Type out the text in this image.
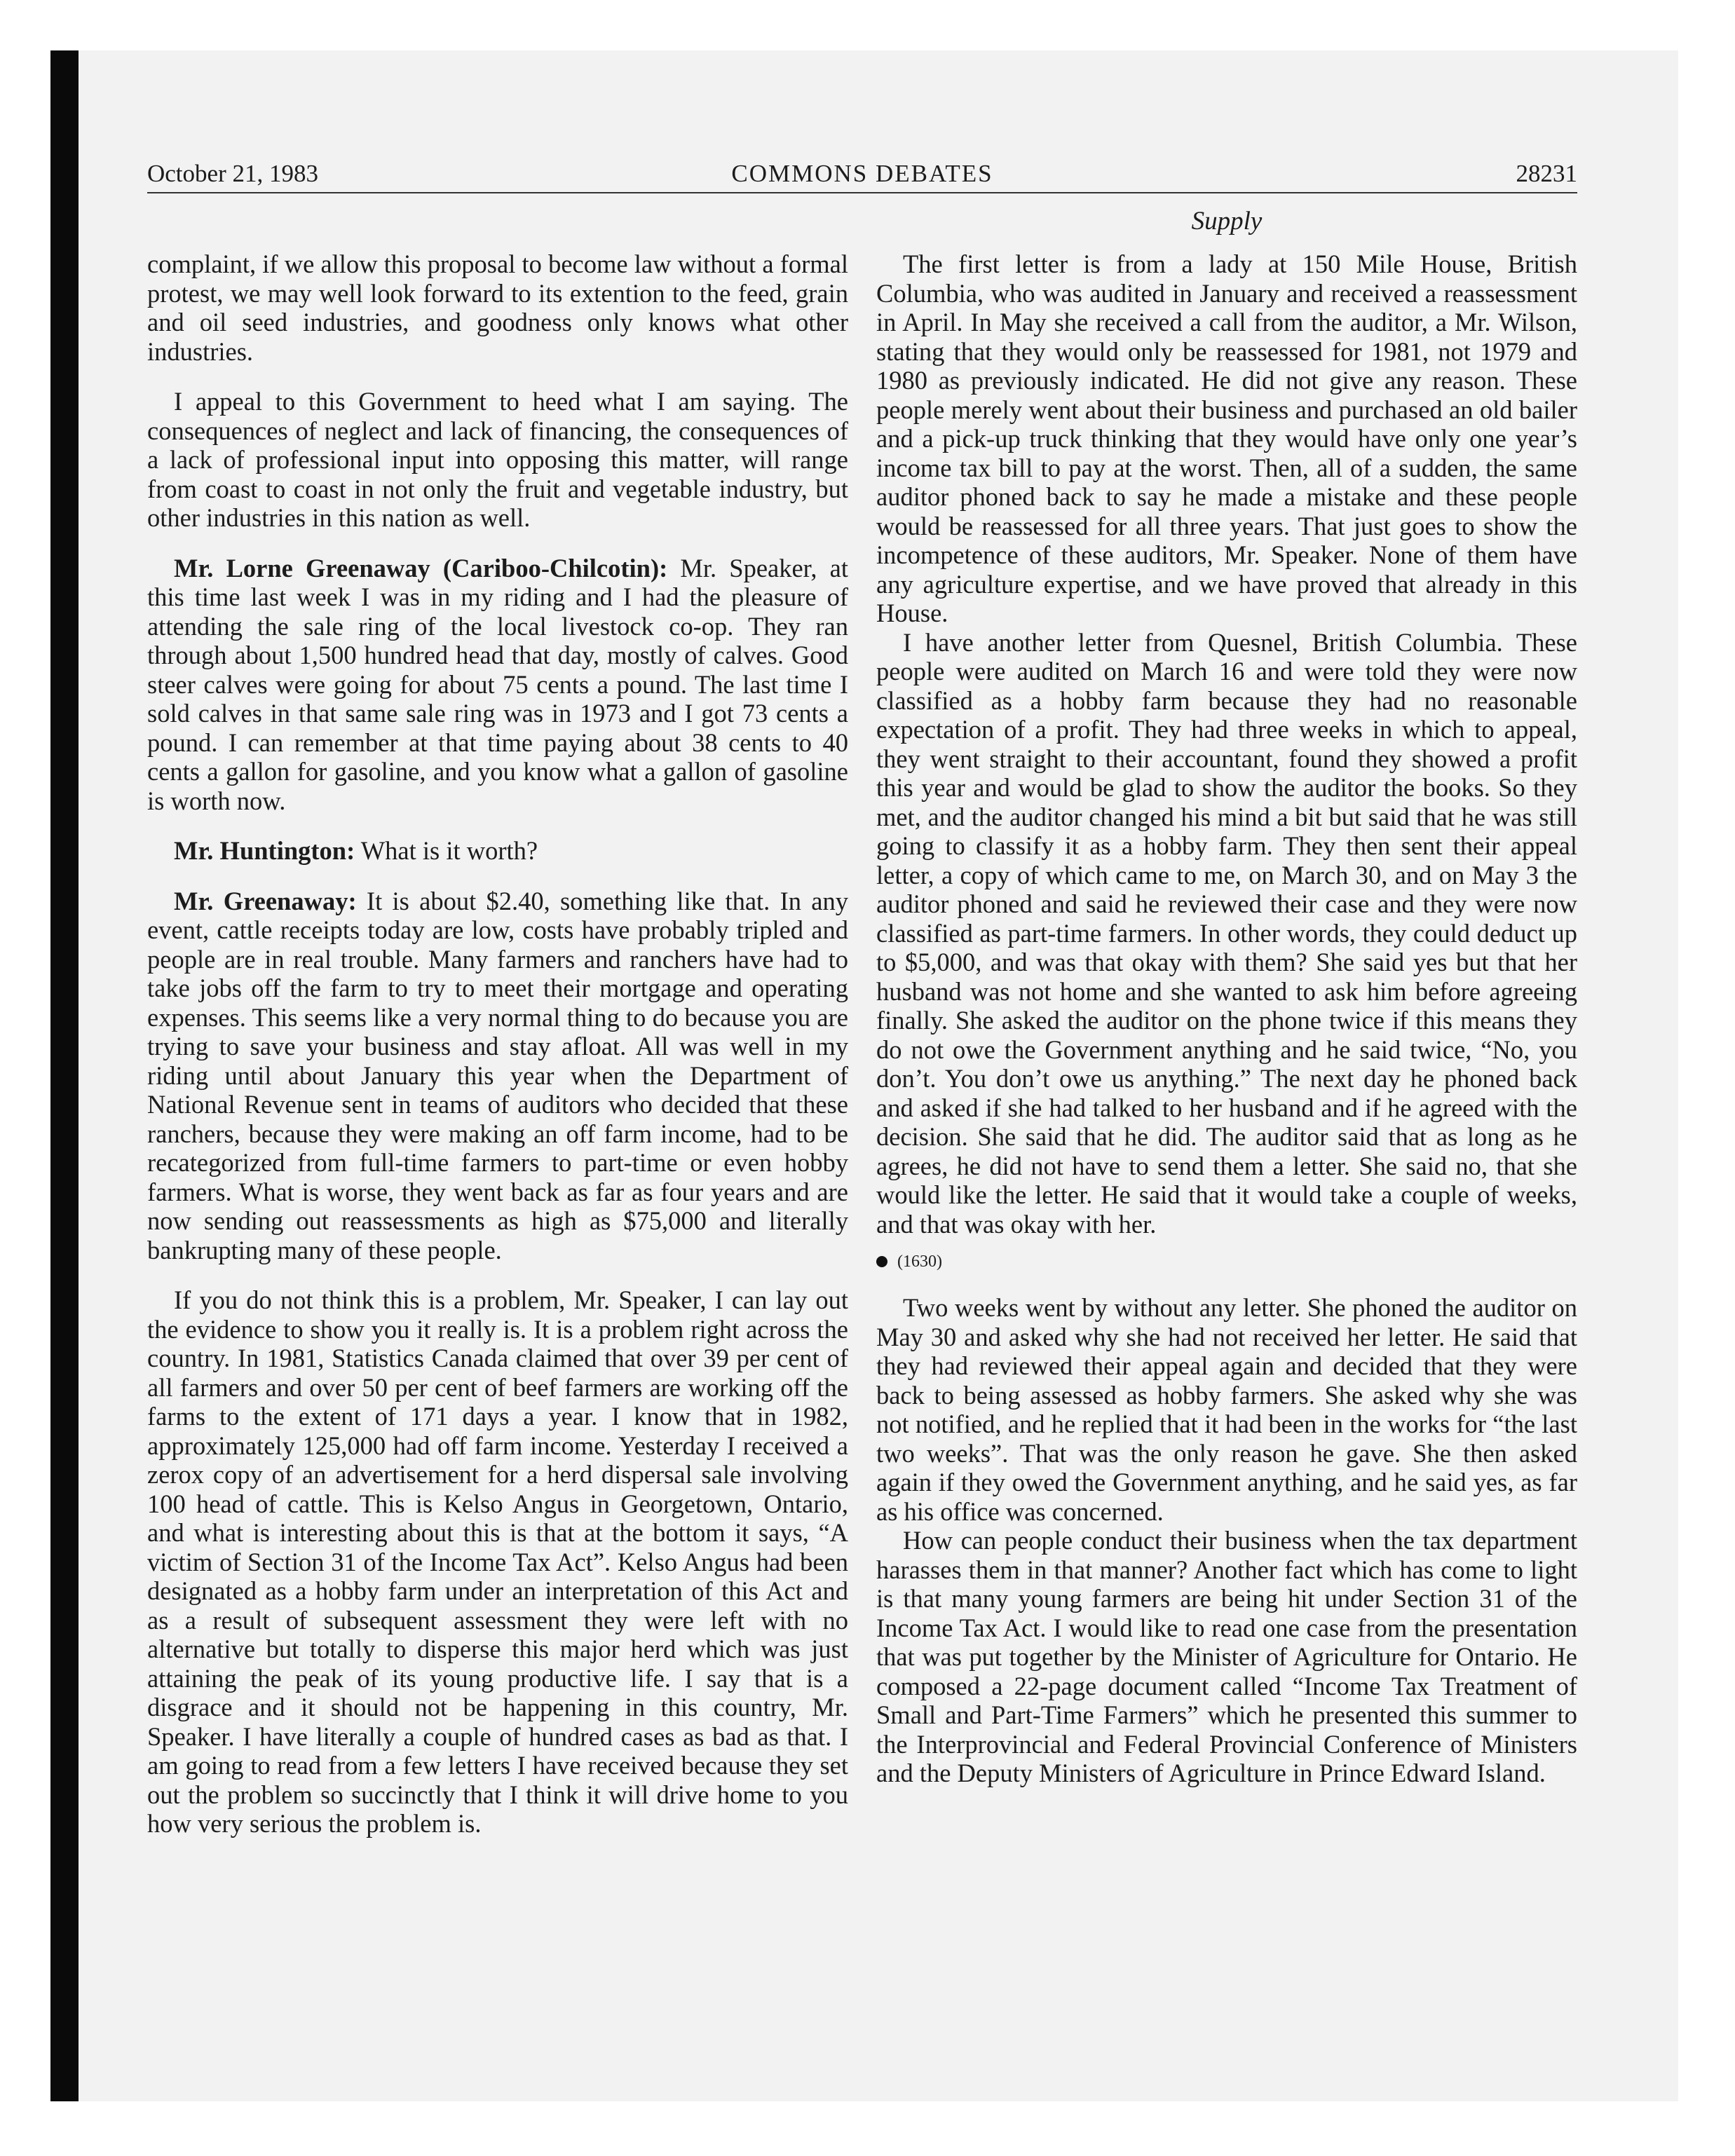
October 21, 1983	COMMONS DEBATES	28231
Supply

complaint, if we allow this proposal to become law without a formal protest, we may well look forward to its extention to the feed, grain and oil seed industries, and goodness only knows what other industries.

I appeal to this Government to heed what I am saying. The consequences of neglect and lack of financing, the consequences of a lack of professional input into opposing this matter, will range from coast to coast in not only the fruit and vegetable industry, but other industries in this nation as well.

Mr. Lorne Greenaway (Cariboo-Chilcotin): Mr. Speaker, at this time last week I was in my riding and I had the pleasure of attending the sale ring of the local livestock co-op. They ran through about 1,500 hundred head that day, mostly of calves. Good steer calves were going for about 75 cents a pound. The last time I sold calves in that same sale ring was in 1973 and I got 73 cents a pound. I can remember at that time paying about 38 cents to 40 cents a gallon for gasoline, and you know what a gallon of gasoline is worth now.

Mr. Huntington: What is it worth?

Mr. Greenaway: It is about $2.40, something like that. In any event, cattle receipts today are low, costs have probably tripled and people are in real trouble. Many farmers and ranchers have had to take jobs off the farm to try to meet their mortgage and operating expenses. This seems like a very normal thing to do because you are trying to save your business and stay afloat. All was well in my riding until about January this year when the Department of National Revenue sent in teams of auditors who decided that these ranchers, because they were making an off farm income, had to be recategorized from full-time farmers to part-time or even hobby farmers. What is worse, they went back as far as four years and are now sending out reassessments as high as $75,000 and literally bankrupting many of these people.

If you do not think this is a problem, Mr. Speaker, I can lay out the evidence to show you it really is. It is a problem right across the country. In 1981, Statistics Canada claimed that over 39 per cent of all farmers and over 50 per cent of beef farmers are working off the farms to the extent of 171 days a year. I know that in 1982, approximately 125,000 had off farm income. Yesterday I received a zerox copy of an advertisement for a herd dispersal sale involving 100 head of cattle. This is Kelso Angus in Georgetown, Ontario, and what is interesting about this is that at the bottom it says, “A victim of Section 31 of the Income Tax Act”. Kelso Angus had been designated as a hobby farm under an interpretation of this Act and as a result of subsequent assessment they were left with no alternative but totally to disperse this major herd which was just attaining the peak of its young productive life. I say that is a disgrace and it should not be happening in this country, Mr. Speaker. I have literally a couple of hundred cases as bad as that. I am going to read from a few letters I have received because they set out the problem so succinctly that I think it will drive home to you how very serious the problem is.

The first letter is from a lady at 150 Mile House, British Columbia, who was audited in January and received a reassessment in April. In May she received a call from the auditor, a Mr. Wilson, stating that they would only be reassessed for 1981, not 1979 and 1980 as previously indicated. He did not give any reason. These people merely went about their business and purchased an old bailer and a pick-up truck thinking that they would have only one year’s income tax bill to pay at the worst. Then, all of a sudden, the same auditor phoned back to say he made a mistake and these people would be reassessed for all three years. That just goes to show the incompetence of these auditors, Mr. Speaker. None of them have any agriculture expertise, and we have proved that already in this House.

I have another letter from Quesnel, British Columbia. These people were audited on March 16 and were told they were now classified as a hobby farm because they had no reasonable expectation of a profit. They had three weeks in which to appeal, they went straight to their accountant, found they showed a profit this year and would be glad to show the auditor the books. So they met, and the auditor changed his mind a bit but said that he was still going to classify it as a hobby farm. They then sent their appeal letter, a copy of which came to me, on March 30, and on May 3 the auditor phoned and said he reviewed their case and they were now classified as part-time farmers. In other words, they could deduct up to $5,000, and was that okay with them? She said yes but that her husband was not home and she wanted to ask him before agreeing finally. She asked the auditor on the phone twice if this means they do not owe the Government anything and he said twice, “No, you don’t. You don’t owe us anything.” The next day he phoned back and asked if she had talked to her husband and if he agreed with the decision. She said that he did. The auditor said that as long as he agrees, he did not have to send them a letter. She said no, that she would like the letter. He said that it would take a couple of weeks, and that was okay with her.

(1630)

Two weeks went by without any letter. She phoned the auditor on May 30 and asked why she had not received her letter. He said that they had reviewed their appeal again and decided that they were back to being assessed as hobby farmers. She asked why she was not notified, and he replied that it had been in the works for “the last two weeks”. That was the only reason he gave. She then asked again if they owed the Government anything, and he said yes, as far as his office was concerned.

How can people conduct their business when the tax department harasses them in that manner? Another fact which has come to light is that many young farmers are being hit under Section 31 of the Income Tax Act. I would like to read one case from the presentation that was put together by the Minister of Agriculture for Ontario. He composed a 22-page document called “Income Tax Treatment of Small and Part-Time Farmers” which he presented this summer to the Interprovincial and Federal Provincial Conference of Ministers and the Deputy Ministers of Agriculture in Prince Edward Island.
